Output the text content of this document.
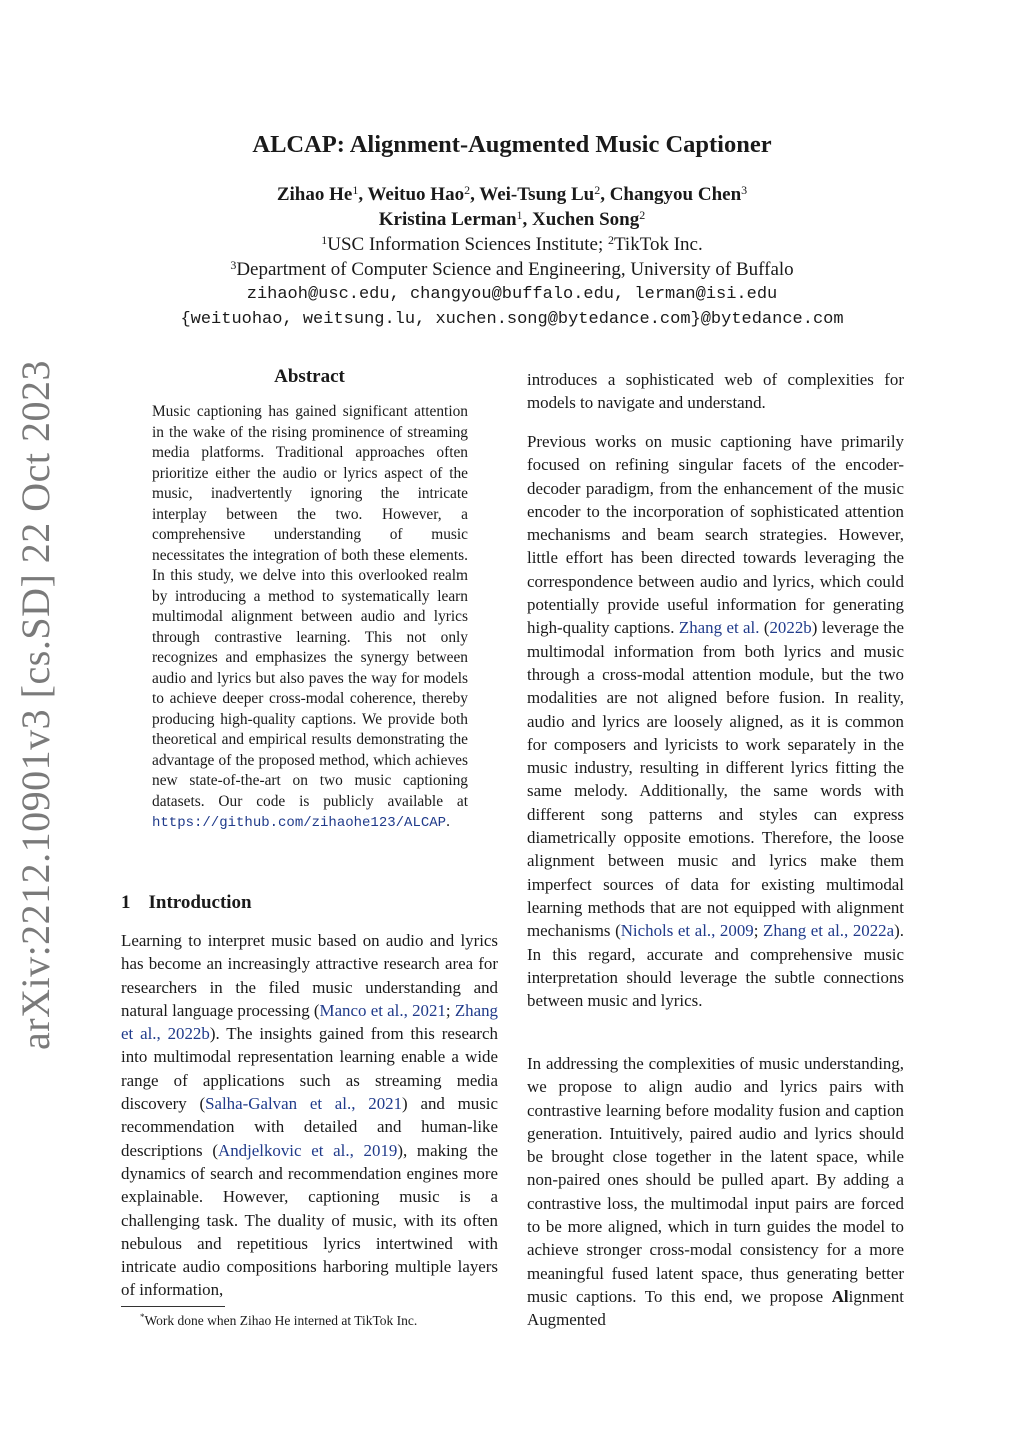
arXiv:2212.10901v3 [cs.SD] 22 Oct 2023
ALCAP: Alignment-Augmented Music Captioner
Zihao He$^1$, Weituo Hao$^2$, Wei-Tsung Lu$^2$, Changyou Chen$^3$
Kristina Lerman$^1$, Xuchen Song$^2$
$^1$USC Information Sciences Institute; $^2$TikTok Inc.
$^3$Department of Computer Science and Engineering, University of Buffalo
zihaoh@usc.edu, changyou@buffalo.edu, lerman@isi.edu
{weituohao, weitsung.lu, xuchen.song@bytedance.com}@bytedance.com
Abstract
Music captioning has gained significant attention in the wake of the rising prominence of streaming media platforms. Traditional approaches often prioritize either the audio or lyrics aspect of the music, inadvertently ignoring the intricate interplay between the two. However, a comprehensive understanding of music necessitates the integration of both these elements. In this study, we delve into this overlooked realm by introducing a method to systematically learn multimodal alignment between audio and lyrics through contrastive learning. This not only recognizes and emphasizes the synergy between audio and lyrics but also paves the way for models to achieve deeper cross-modal coherence, thereby producing high-quality captions. We provide both theoretical and empirical results demonstrating the advantage of the proposed method, which achieves new state-of-the-art on two music captioning datasets. Our code is publicly available at https://github.com/zihaohe123/ALCAP.
1 Introduction
Learning to interpret music based on audio and lyrics has become an increasingly attractive research area for researchers in the filed music understanding and natural language processing (Manco et al., 2021; Zhang et al., 2022b). The insights gained from this research into multimodal representation learning enable a wide range of applications such as streaming media discovery (Salha-Galvan et al., 2021) and music recommendation with detailed and human-like descriptions (Andjelkovic et al., 2019), making the dynamics of search and recommendation engines more explainable. However, captioning music is a challenging task. The duality of music, with its often nebulous and repetitious lyrics intertwined with intricate audio compositions harboring multiple layers of information,
*Work done when Zihao He interned at TikTok Inc.

introduces a sophisticated web of complexities for models to navigate and understand.

Previous works on music captioning have primarily focused on refining singular facets of the encoder-decoder paradigm, from the enhancement of the music encoder to the incorporation of sophisticated attention mechanisms and beam search strategies. However, little effort has been directed towards leveraging the correspondence between audio and lyrics, which could potentially provide useful information for generating high-quality captions. Zhang et al. (2022b) leverage the multimodal information from both lyrics and music through a cross-modal attention module, but the two modalities are not aligned before fusion. In reality, audio and lyrics are loosely aligned, as it is common for composers and lyricists to work separately in the music industry, resulting in different lyrics fitting the same melody. Additionally, the same words with different song patterns and styles can express diametrically opposite emotions. Therefore, the loose alignment between music and lyrics make them imperfect sources of data for existing multimodal learning methods that are not equipped with alignment mechanisms (Nichols et al., 2009; Zhang et al., 2022a). In this regard, accurate and comprehensive music interpretation should leverage the subtle connections between music and lyrics.
In addressing the complexities of music understanding, we propose to align audio and lyrics pairs with contrastive learning before modality fusion and caption generation. Intuitively, paired audio and lyrics should be brought close together in the latent space, while non-paired ones should be pulled apart. By adding a contrastive loss, the multimodal input pairs are forced to be more aligned, which in turn guides the model to achieve stronger cross-modal consistency for a more meaningful fused latent space, thus generating better music captions. To this end, we propose Alignment Augmented
